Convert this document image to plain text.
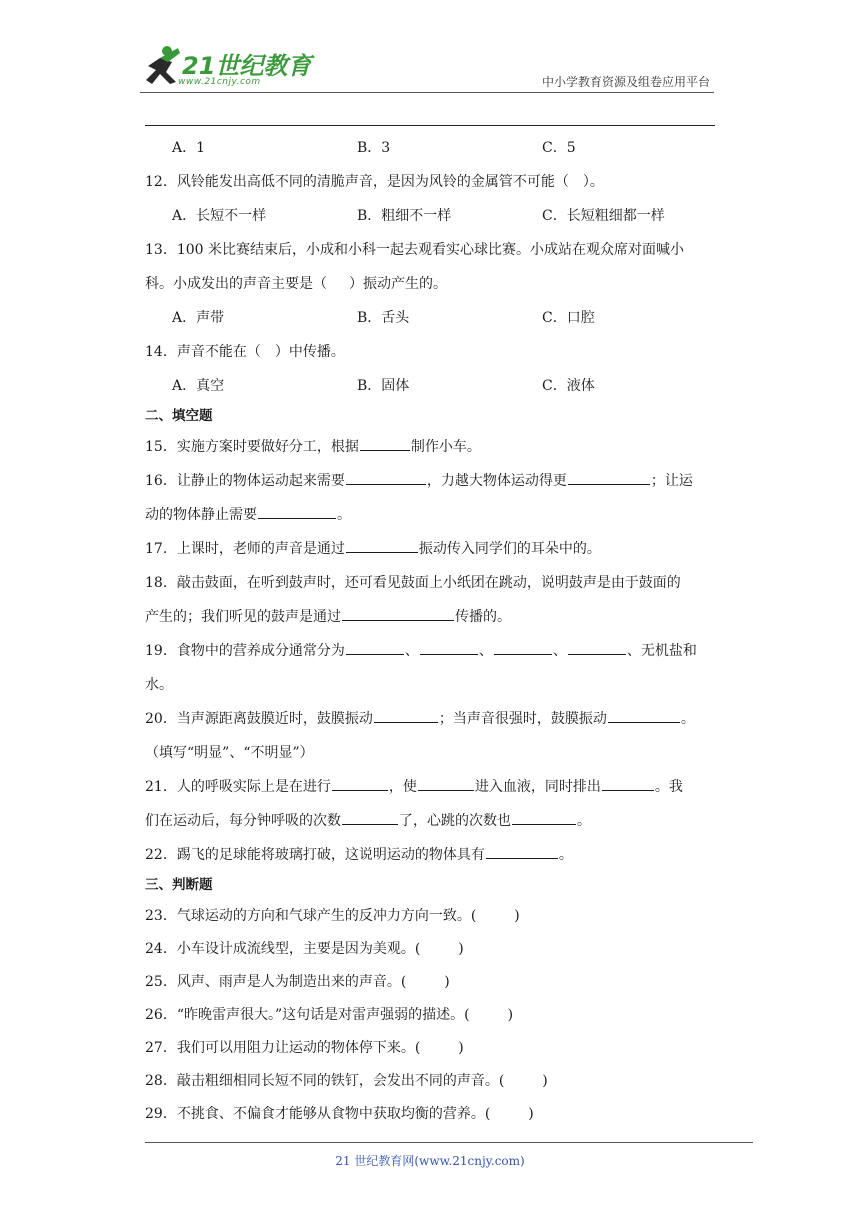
21世纪教育
www.21cnjy.com	中小学教育资源及组卷应用平台
A．1	B．3	C．5
12．风铃能发出高低不同的清脆声音，是因为风铃的金属管不可能（ ）。
A．长短不一样	B．粗细不一样	C．长短粗细都一样
13．100 米比赛结束后，小成和小科一起去观看实心球比赛。小成站在观众席对面喊小
科。小成发出的声音主要是（ ）振动产生的。
A．声带	B．舌头	C．口腔
14．声音不能在（ ）中传播。
A．真空	B．固体	C．液体
二、填空题
15．实施方案时要做好分工，根据	制作小车。
16．让静止的物体运动起来需要	，力越大物体运动得更	；让运
动的物体静止需要	。
17．上课时，老师的声音是通过	振动传入同学们的耳朵中的。
18．敲击鼓面，在听到鼓声时，还可看见鼓面上小纸团在跳动，说明鼓声是由于鼓面的
产生的；我们听见的鼓声是通过	传播的。
19．食物中的营养成分通常分为	、	、	、	、无机盐和
水。
20．当声源距离鼓膜近时，鼓膜振动	；当声音很强时，鼓膜振动	。
（填写“明显”、“不明显”）
21．人的呼吸实际上是在进行	，使	进入血液，同时排出	。我
们在运动后，每分钟呼吸的次数	了，心跳的次数也	。
22．踢飞的足球能将玻璃打破，这说明运动的物体具有	。
三、判断题
23．气球运动的方向和气球产生的反冲力方向一致。(	)
24．小车设计成流线型，主要是因为美观。(	)
25．风声、雨声是人为制造出来的声音。(	)
26．“昨晚雷声很大。”这句话是对雷声强弱的描述。(	)
27．我们可以用阻力让运动的物体停下来。(	)
28．敲击粗细相同长短不同的铁钉，会发出不同的声音。(	)
29．不挑食、不偏食才能够从食物中获取均衡的营养。(	)
21 世纪教育网(www.21cnjy.com)
